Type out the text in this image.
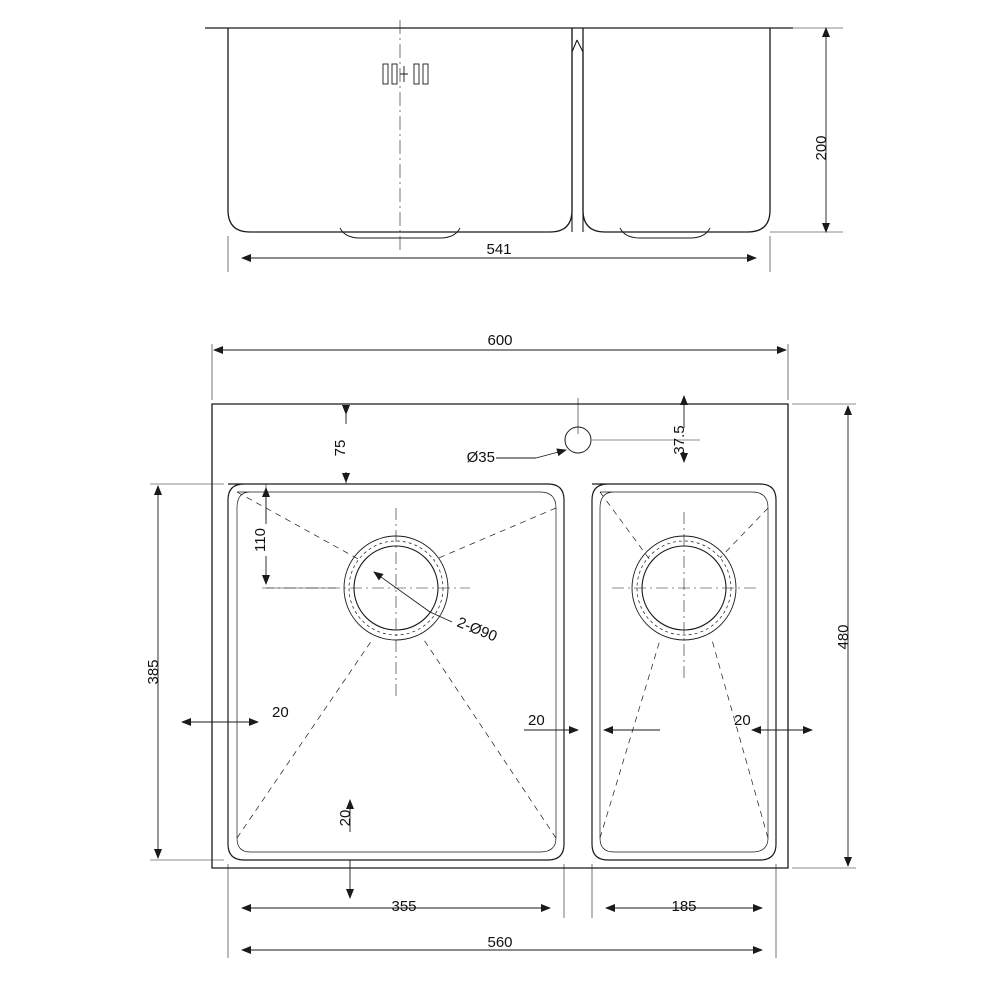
200
541
600
480
385
75
110
Ø35
37.5
2-Ø90
20	20	20
20
355	185
560
